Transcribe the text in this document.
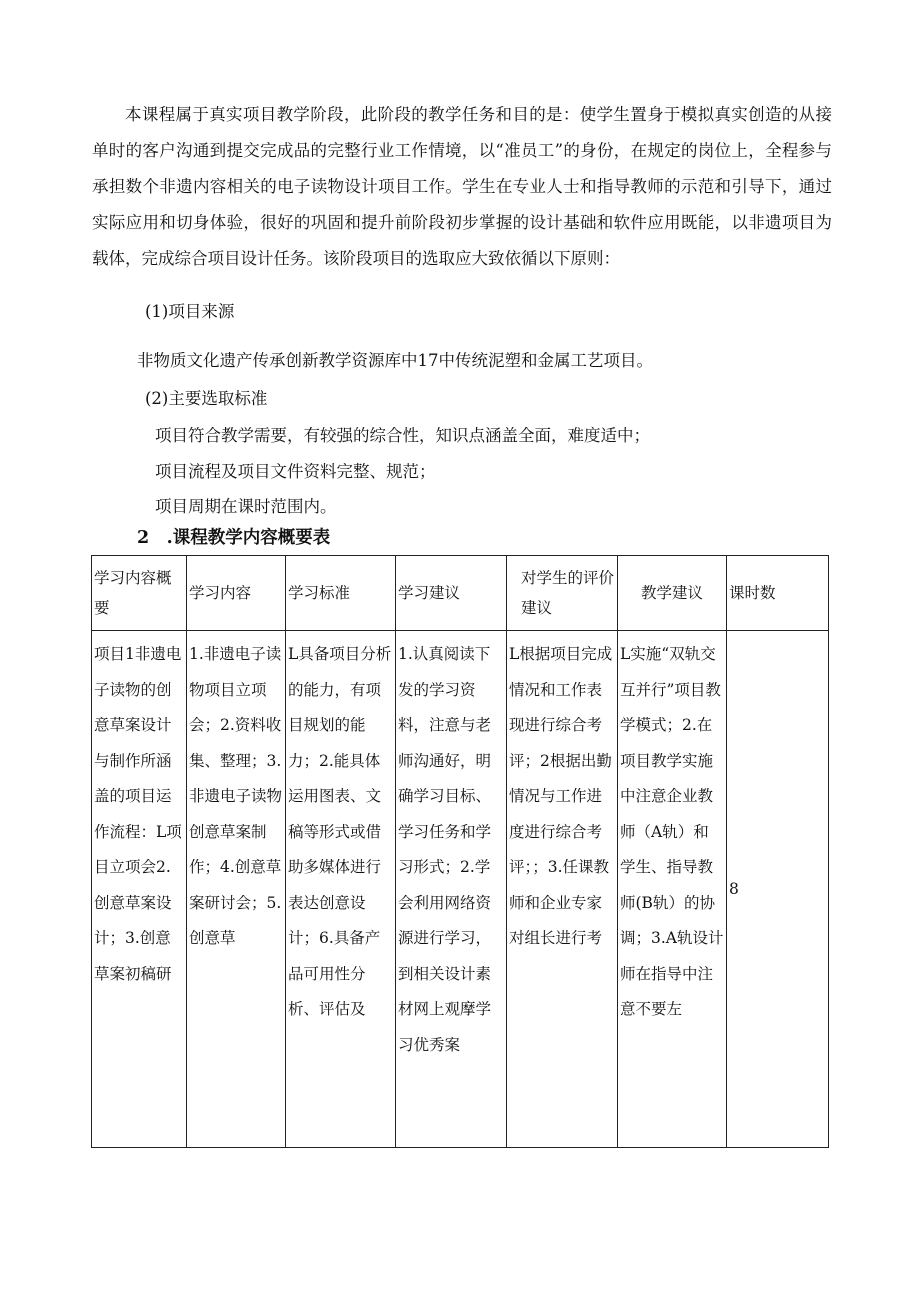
本课程属于真实项目教学阶段，此阶段的教学任务和目的是：使学生置身于模拟真实创造的从接单时的客户沟通到提交完成品的完整行业工作情境，以“准员工”的身份，在规定的岗位上，全程参与承担数个非遗内容相关的电子读物设计项目工作。学生在专业人士和指导教师的示范和引导下，通过实际应用和切身体验，很好的巩固和提升前阶段初步掌握的设计基础和软件应用既能，以非遗项目为载体，完成综合项目设计任务。该阶段项目的选取应大致依循以下原则：

(1)项目来源

非物质文化遗产传承创新教学资源库中17中传统泥塑和金属工艺项目。

(2)主要选取标准

项目符合教学需要，有较强的综合性，知识点涵盖全面，难度适中；

项目流程及项目文件资料完整、规范；

项目周期在课时范围内。

2　.课程教学内容概要表

学习内容概要	学习内容	学习标准	学习建议	对学生的评价建议	教学建议	课时数

项目1非遗电子读物的创意草案设计与制作所涵盖的项目运作流程：L项目立项会2.创意草案设计；3.创意草案初稿研	1.非遗电子读物项目立项会；2.资料收集、整理；3.非遗电子读物创意草案制作；4.创意草案研讨会；5.创意草	L具备项目分析的能力，有项目规划的能力；2.能具体运用图表、文稿等形式或借助多媒体进行表达创意设计；6.具备产品可用性分析、评估及	1.认真阅读下发的学习资料，注意与老师沟通好，明确学习目标、学习任务和学习形式；2.学会利用网络资源进行学习，到相关设计素材网上观摩学习优秀案	L根据项目完成情况和工作表现进行综合考评；2根据出勤情况与工作进度进行综合考评；；3.任课教师和企业专家对组长进行考	L实施“双轨交互并行”项目教学模式；2.在项目教学实施中注意企业教师（A轨）和学生、指导教师(B轨）的协调；3.A轨设计师在指导中注意不要左	8
